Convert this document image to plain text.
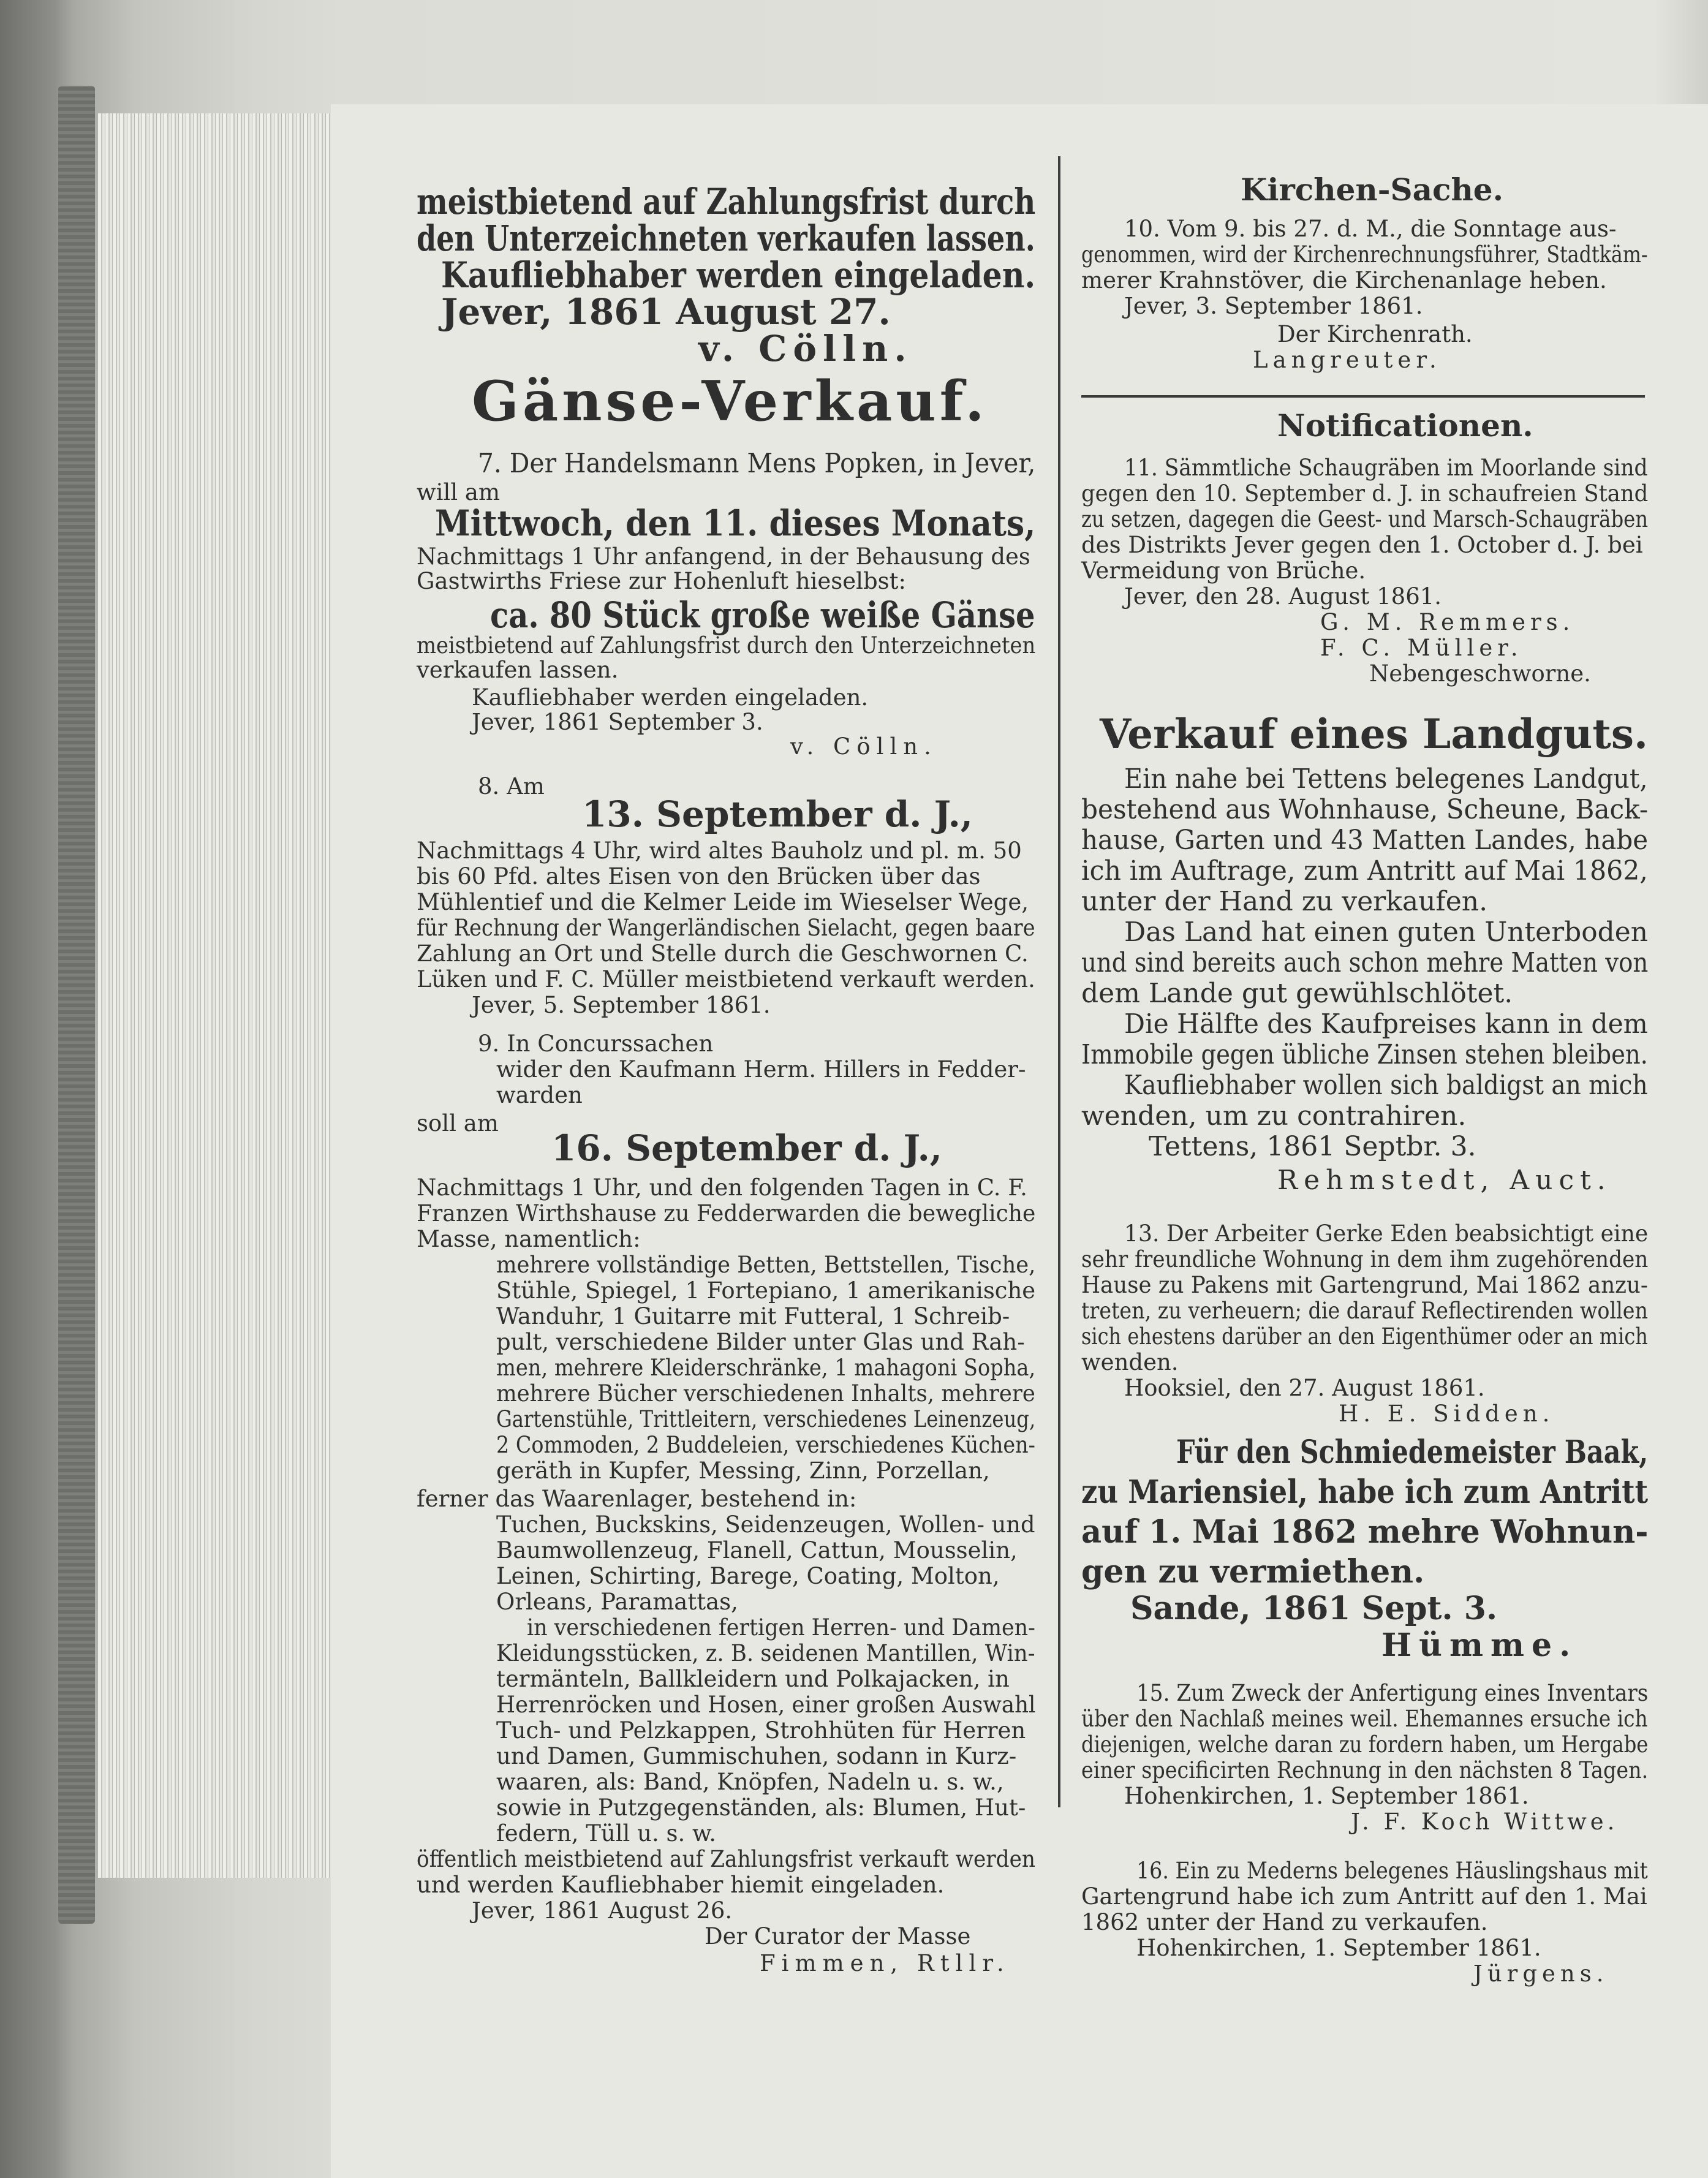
meistbietend auf Zahlungsfrist durch
den Unterzeichneten verkaufen lassen.
Kaufliebhaber werden eingeladen.
Jever, 1861 August 27.
v. Cölln.
Gänse-Verkauf.
7. Der Handelsmann Mens Popken, in Jever,
will am
Mittwoch, den 11. dieses Monats,
Nachmittags 1 Uhr anfangend, in der Behausung des
Gastwirths Friese zur Hohenluft hieselbst:
ca. 80 Stück große weiße Gänse
meistbietend auf Zahlungsfrist durch den Unterzeichneten
verkaufen lassen.
Kaufliebhaber werden eingeladen.
Jever, 1861 September 3.
v. Cölln.
8. Am
13. September d. J.,
Nachmittags 4 Uhr, wird altes Bauholz und pl. m. 50
bis 60 Pfd. altes Eisen von den Brücken über das
Mühlentief und die Kelmer Leide im Wieselser Wege,
für Rechnung der Wangerländischen Sielacht, gegen baare
Zahlung an Ort und Stelle durch die Geschwornen C.
Lüken und F. C. Müller meistbietend verkauft werden.
Jever, 5. September 1861.
9. In Concurssachen
wider den Kaufmann Herm. Hillers in Fedder-
warden
soll am
16. September d. J.,
Nachmittags 1 Uhr, und den folgenden Tagen in C. F.
Franzen Wirthshause zu Fedderwarden die bewegliche
Masse, namentlich:
mehrere vollständige Betten, Bettstellen, Tische,
Stühle, Spiegel, 1 Fortepiano, 1 amerikanische
Wanduhr, 1 Guitarre mit Futteral, 1 Schreib-
pult, verschiedene Bilder unter Glas und Rah-
men, mehrere Kleiderschränke, 1 mahagoni Sopha,
mehrere Bücher verschiedenen Inhalts, mehrere
Gartenstühle, Trittleitern, verschiedenes Leinenzeug,
2 Commoden, 2 Buddeleien, verschiedenes Küchen-
geräth in Kupfer, Messing, Zinn, Porzellan,
ferner das Waarenlager, bestehend in:
Tuchen, Buckskins, Seidenzeugen, Wollen- und
Baumwollenzeug, Flanell, Cattun, Mousselin,
Leinen, Schirting, Barege, Coating, Molton,
Orleans, Paramattas,
in verschiedenen fertigen Herren- und Damen-
Kleidungsstücken, z. B. seidenen Mantillen, Win-
termänteln, Ballkleidern und Polkajacken, in
Herrenröcken und Hosen, einer großen Auswahl
Tuch- und Pelzkappen, Strohhüten für Herren
und Damen, Gummischuhen, sodann in Kurz-
waaren, als: Band, Knöpfen, Nadeln u. s. w.,
sowie in Putzgegenständen, als: Blumen, Hut-
federn, Tüll u. s. w.
öffentlich meistbietend auf Zahlungsfrist verkauft werden
und werden Kaufliebhaber hiemit eingeladen.
Jever, 1861 August 26.
Der Curator der Masse
Fimmen, Rtllr.
Kirchen-Sache.
10. Vom 9. bis 27. d. M., die Sonntage aus-
genommen, wird der Kirchenrechnungsführer, Stadtkäm-
merer Krahnstöver, die Kirchenanlage heben.
Jever, 3. September 1861.
Der Kirchenrath.
Langreuter.
Notificationen.
11. Sämmtliche Schaugräben im Moorlande sind
gegen den 10. September d. J. in schaufreien Stand
zu setzen, dagegen die Geest- und Marsch-Schaugräben
des Distrikts Jever gegen den 1. October d. J. bei
Vermeidung von Brüche.
Jever, den 28. August 1861.
G. M. Remmers.
F. C. Müller.
Nebengeschworne.
Verkauf eines Landguts.
Ein nahe bei Tettens belegenes Landgut,
bestehend aus Wohnhause, Scheune, Back-
hause, Garten und 43 Matten Landes, habe
ich im Auftrage, zum Antritt auf Mai 1862,
unter der Hand zu verkaufen.
Das Land hat einen guten Unterboden
und sind bereits auch schon mehre Matten von
dem Lande gut gewühlschlötet.
Die Hälfte des Kaufpreises kann in dem
Immobile gegen übliche Zinsen stehen bleiben.
Kaufliebhaber wollen sich baldigst an mich
wenden, um zu contrahiren.
Tettens, 1861 Septbr. 3.
Rehmstedt, Auct.
13. Der Arbeiter Gerke Eden beabsichtigt eine
sehr freundliche Wohnung in dem ihm zugehörenden
Hause zu Pakens mit Gartengrund, Mai 1862 anzu-
treten, zu verheuern; die darauf Reflectirenden wollen
sich ehestens darüber an den Eigenthümer oder an mich
wenden.
Hooksiel, den 27. August 1861.
H. E. Sidden.
Für den Schmiedemeister Baak,
zu Mariensiel, habe ich zum Antritt
auf 1. Mai 1862 mehre Wohnun-
gen zu vermiethen.
Sande, 1861 Sept. 3.
Hümme.
15. Zum Zweck der Anfertigung eines Inventars
über den Nachlaß meines weil. Ehemannes ersuche ich
diejenigen, welche daran zu fordern haben, um Hergabe
einer specificirten Rechnung in den nächsten 8 Tagen.
Hohenkirchen, 1. September 1861.
J. F. Koch Wittwe.
16. Ein zu Mederns belegenes Häuslingshaus mit
Gartengrund habe ich zum Antritt auf den 1. Mai
1862 unter der Hand zu verkaufen.
Hohenkirchen, 1. September 1861.
Jürgens.
